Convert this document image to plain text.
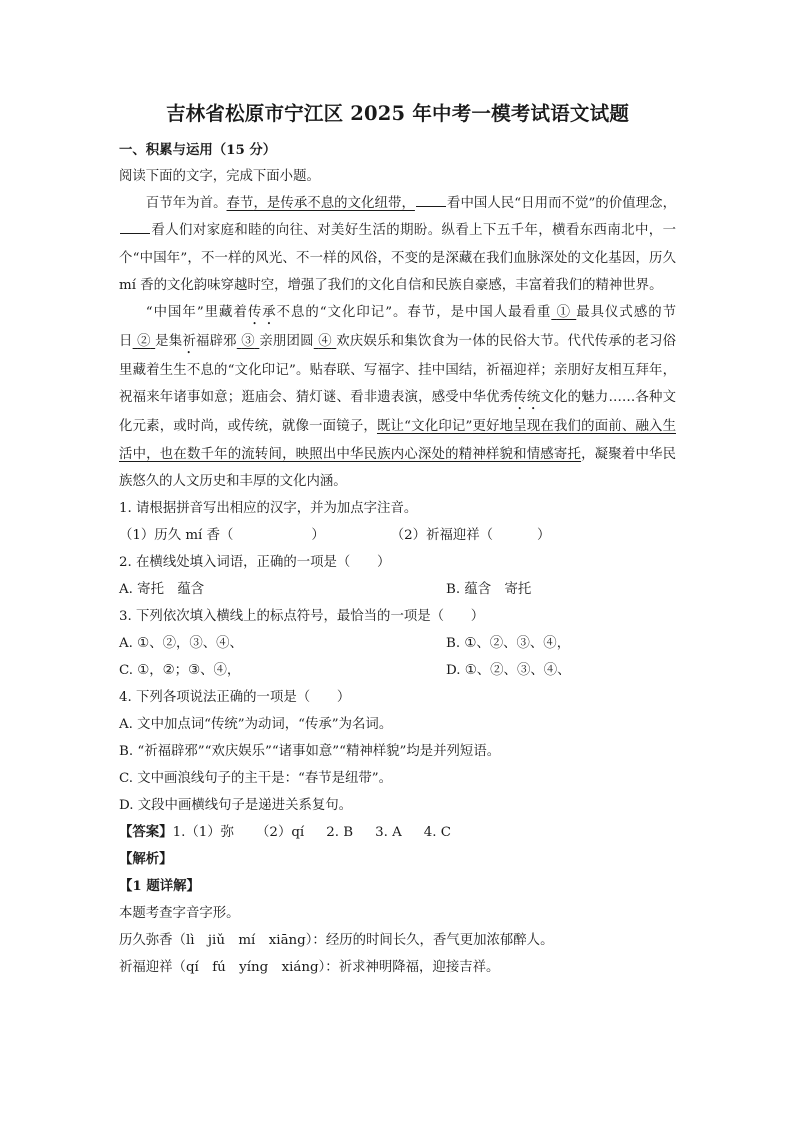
吉林省松原市宁江区 2025 年中考一模考试语文试题
一、积累与运用（15 分）
阅读下面的文字，完成下面小题。

百节年为首。春节，是传承不息的文化纽带， 看中国人民“日用而不觉”的价值理念，看人们对家庭和睦的向往、对美好生活的期盼。纵看上下五千年，横看东西南北中，一个“中国年”，不一样的风光、不一样的风俗，不变的是深藏在我们血脉深处的文化基因，历久 mí 香的文化韵味穿越时空，增强了我们的文化自信和民族自豪感，丰富着我们的精神世界。

“中国年”里藏着传承不息的“文化印记”。春节，是中国人最看重 ① 最具仪式感的节日 ② 是集祈福辟邪 ③ 亲朋团圆 ④ 欢庆娱乐和集饮食为一体的民俗大节。代代传承的老习俗里藏着生生不息的“文化印记”。贴春联、写福字、挂中国结，祈福迎祥；亲朋好友相互拜年，祝福来年诸事如意；逛庙会、猜灯谜、看非遗表演，感受中华优秀传统文化的魅力……各种文化元素，或时尚，或传统，就像一面镜子，既让“文化印记”更好地呈现在我们的面前、融入生活中，也在数千年的流转间，映照出中华民族内心深处的精神样貌和情感寄托，凝聚着中华民族悠久的人文历史和丰厚的文化内涵。

1. 请根据拼音写出相应的汉字，并为加点字注音。
（1）历久 mí 香（	）	（2）祈福迎祥（	）
2. 在横线处填入词语，正确的一项是（　　）
A. 寄托　蕴含	B. 蕴含　寄托
3. 下列依次填入横线上的标点符号，最恰当的一项是（　　）
A. ①、②，③、④、	B. ①、②、③、④，
C. ①，②；③、④，	D. ①、②、③、④、
4. 下列各项说法正确的一项是（　　）
A. 文中加点词“传统”为动词，“传承”为名词。
B. “祈福辟邪”“欢庆娱乐”“诸事如意”“精神样貌”均是并列短语。
C. 文中画浪线句子的主干是：“春节是纽带”。
D. 文段中画横线句子是递进关系复句。
【答案】1.（1）弥 （2）qí 2. B 3. A 4. C
【解析】
【1 题详解】
本题考查字音字形。
历久弥香（lì　jiǔ　mí　xiāng）：经历的时间长久，香气更加浓郁醉人。
祈福迎祥（qí　fú　yíng　xiáng）：祈求神明降福，迎接吉祥。
